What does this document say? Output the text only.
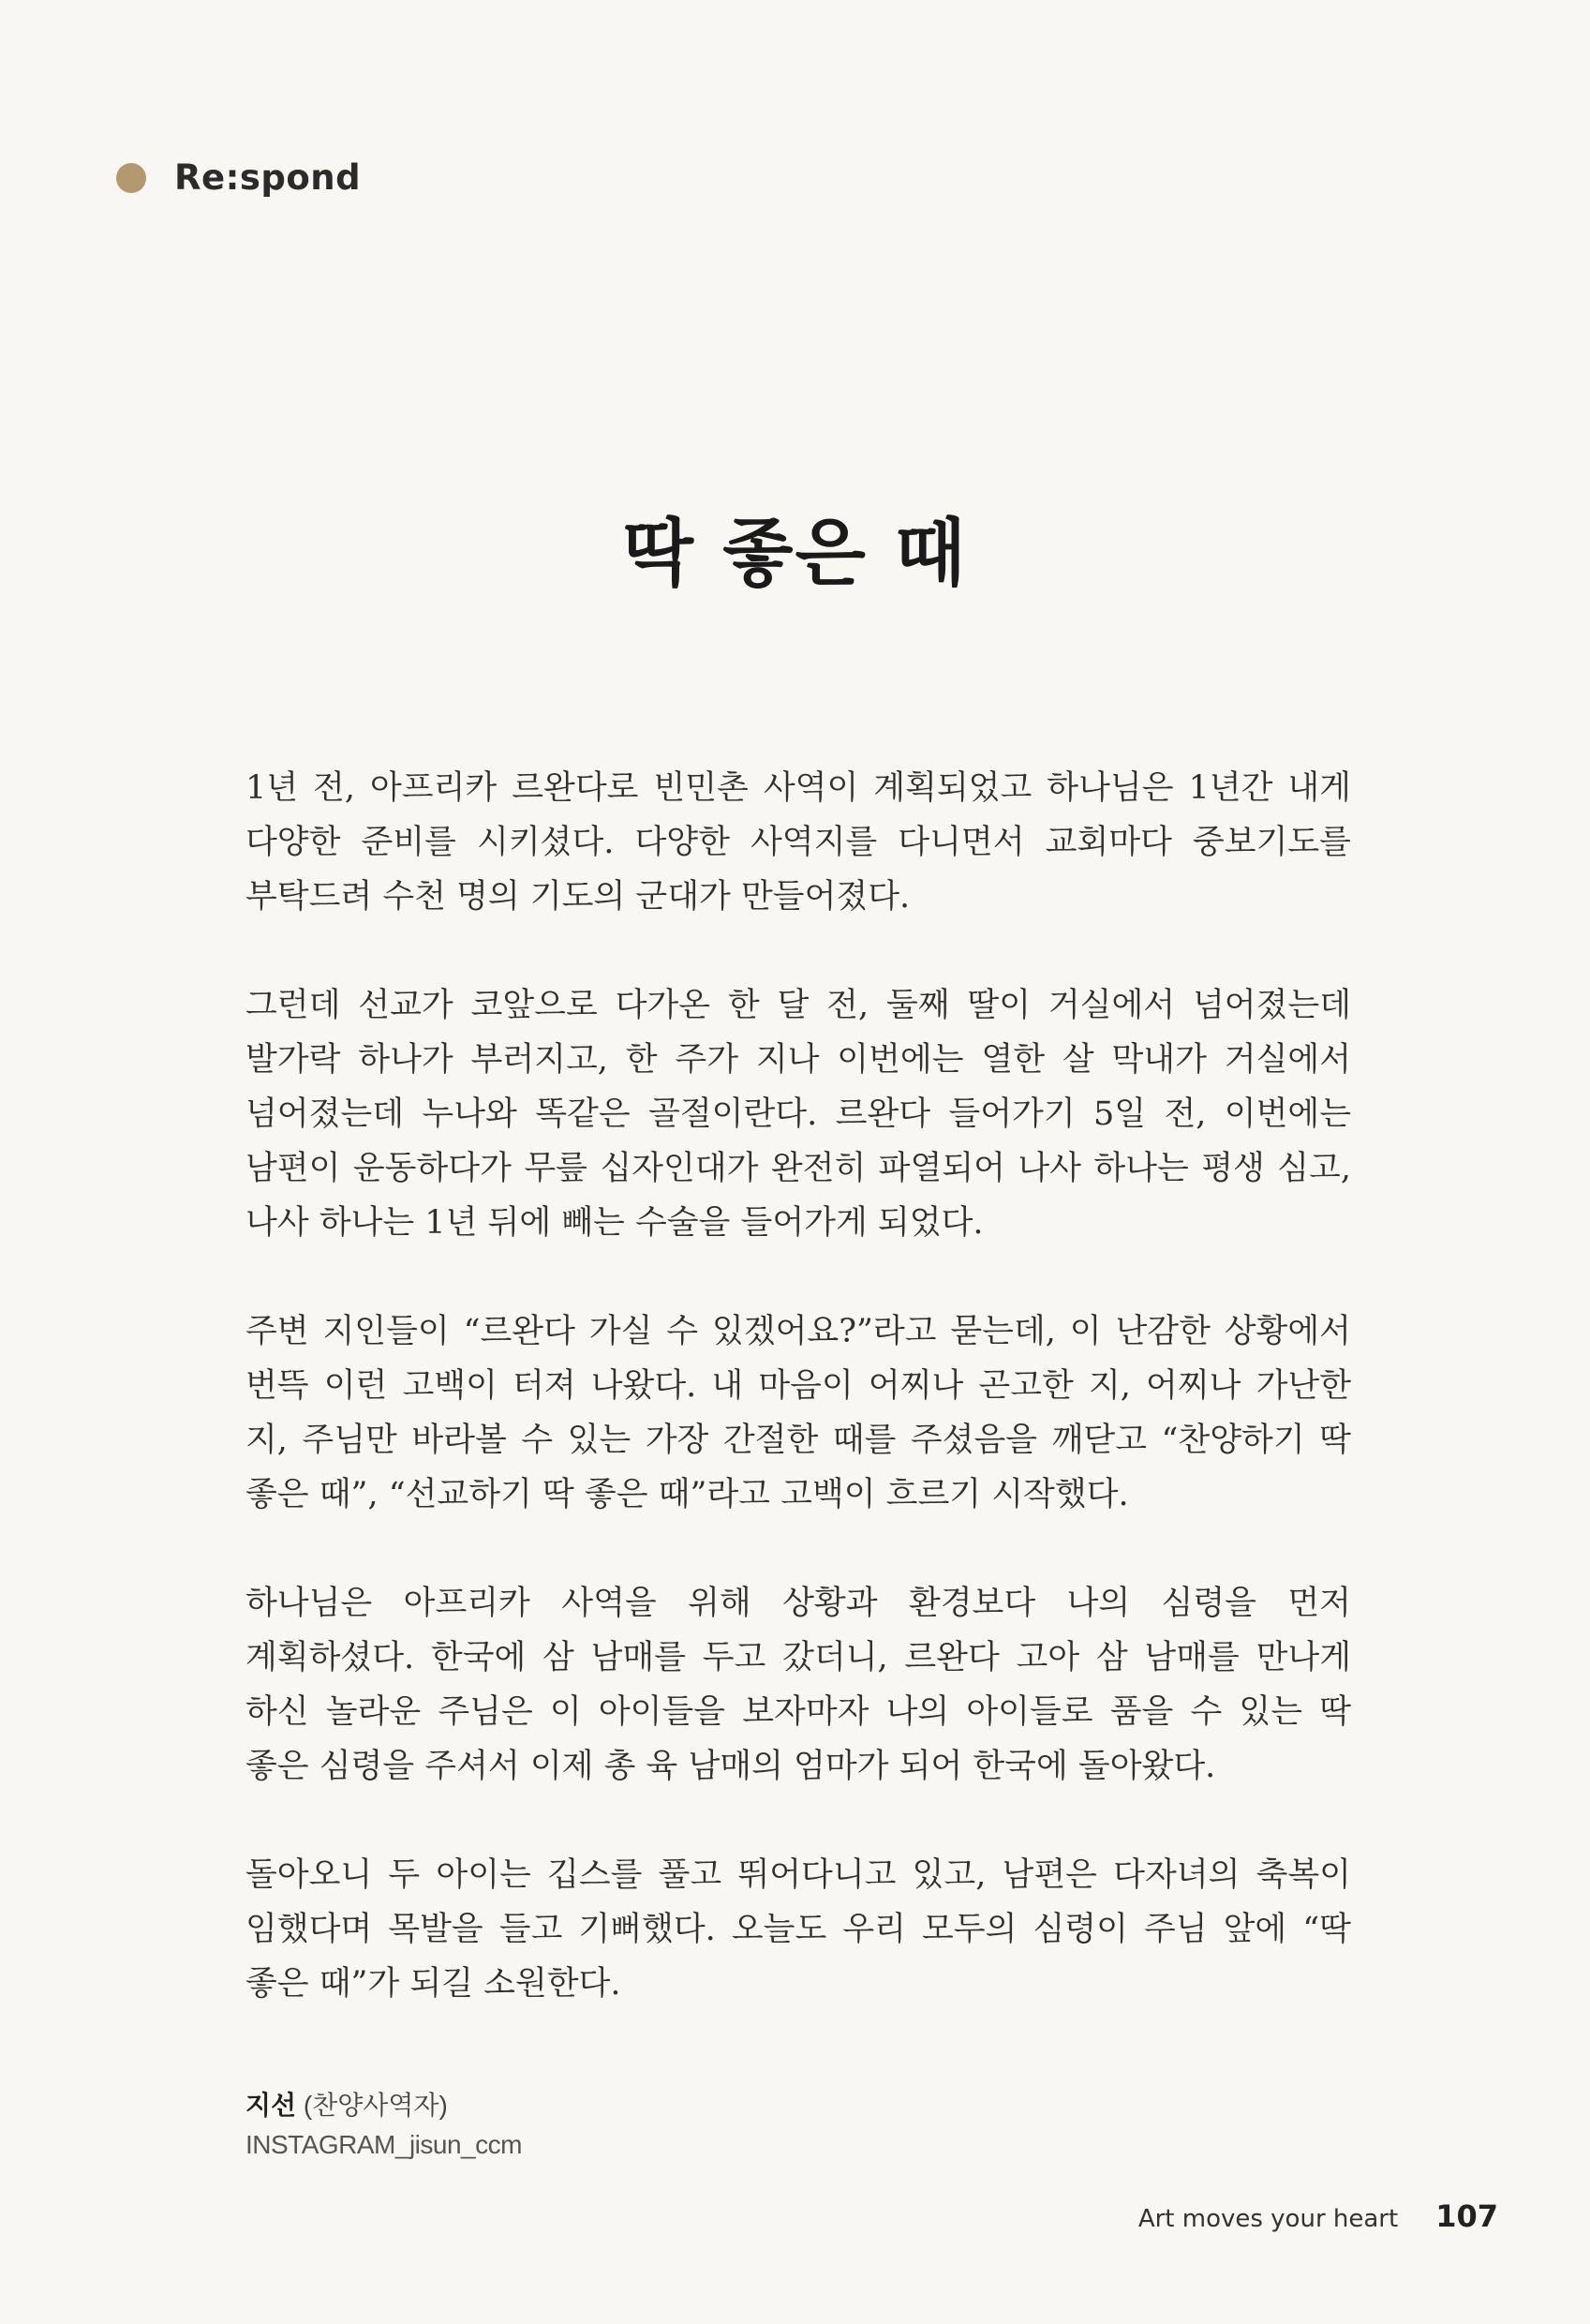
Re:spond
딱 좋은 때

1년 전, 아프리카 르완다로 빈민촌 사역이 계획되었고 하나님은 1년간 내게 다양한 준비를 시키셨다. 다양한 사역지를 다니면서 교회마다 중보기도를 부탁드려 수천 명의 기도의 군대가 만들어졌다.

그런데 선교가 코앞으로 다가온 한 달 전, 둘째 딸이 거실에서 넘어졌는데 발가락 하나가 부러지고, 한 주가 지나 이번에는 열한 살 막내가 거실에서 넘어졌는데 누나와 똑같은 골절이란다. 르완다 들어가기 5일 전, 이번에는 남편이 운동하다가 무릎 십자인대가 완전히 파열되어 나사 하나는 평생 심고, 나사 하나는 1년 뒤에 빼는 수술을 들어가게 되었다.

주변 지인들이 “르완다 가실 수 있겠어요?”라고 묻는데, 이 난감한 상황에서 번뜩 이런 고백이 터져 나왔다. 내 마음이 어찌나 곤고한 지, 어찌나 가난한 지, 주님만 바라볼 수 있는 가장 간절한 때를 주셨음을 깨닫고 “찬양하기 딱 좋은 때”, “선교하기 딱 좋은 때”라고 고백이 흐르기 시작했다.

하나님은 아프리카 사역을 위해 상황과 환경보다 나의 심령을 먼저 계획하셨다. 한국에 삼 남매를 두고 갔더니, 르완다 고아 삼 남매를 만나게 하신 놀라운 주님은 이 아이들을 보자마자 나의 아이들로 품을 수 있는 딱 좋은 심령을 주셔서 이제 총 육 남매의 엄마가 되어 한국에 돌아왔다.

돌아오니 두 아이는 깁스를 풀고 뛰어다니고 있고, 남편은 다자녀의 축복이 임했다며 목발을 들고 기뻐했다. 오늘도 우리 모두의 심령이 주님 앞에 “딱 좋은 때”가 되길 소원한다.

지선 (찬양사역자)
INSTAGRAM_jisun_ccm
Art moves your heart 107
